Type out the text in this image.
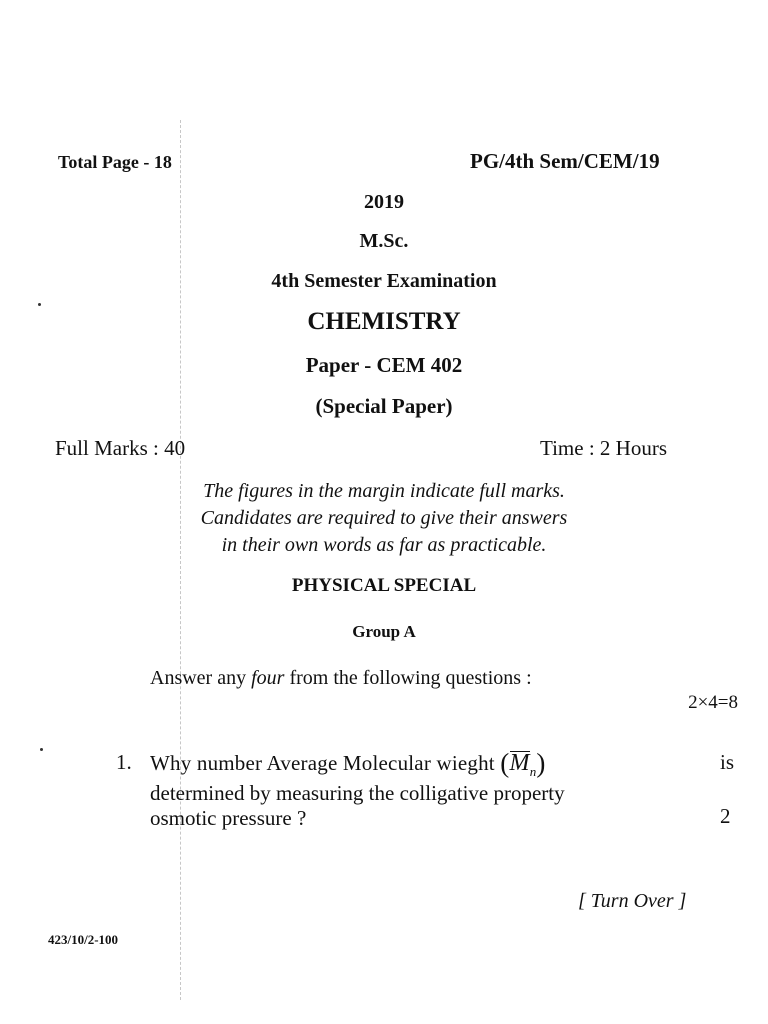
Total Page - 18	PG/4th Sem/CEM/19
2019
M.Sc.
4th Semester Examination
CHEMISTRY
Paper - CEM 402
(Special Paper)
Full Marks : 40	Time : 2 Hours
The figures in the margin indicate full marks.
Candidates are required to give their answers
in their own words as far as practicable.
PHYSICAL SPECIAL
Group A
Answer any four from the following questions :
2×4=8
1. Why number Average Molecular wieght (
$M_n$)	is
determined by measuring the colligative property
osmotic pressure ?	2
[ Turn Over ]
423/10/2-100
